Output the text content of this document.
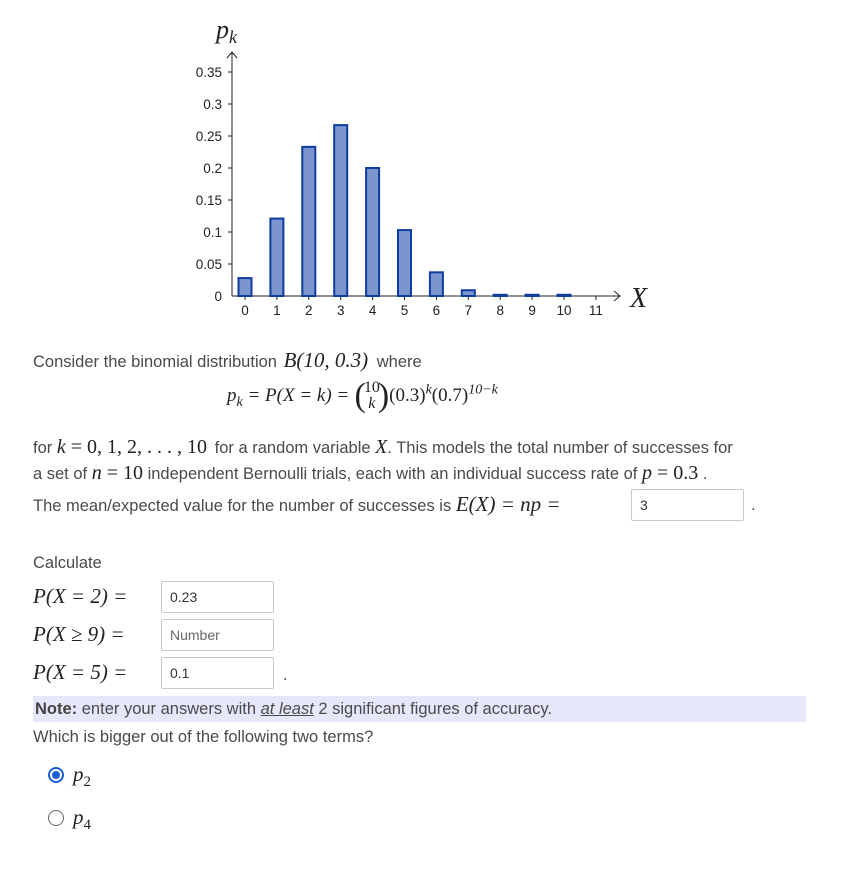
0
0.05
0.1
0.15
0.2
0.25
0.3
0.35
0 1 2 3 4 5 6 7 8 9 10 11
pk
X
Consider the binomial distribution B(10, 0.3) where
$p_k = P(X = k)$ = (
10
k )$(0.3)^k(0.7)^{10-k}$
for k = 0, 1, 2, . . . , 10 for a random variable X. This models the total number of successes for
a set of n = 10 independent Bernoulli trials, each with an individual success rate of p = 0.3 .
The mean/expected value for the number of successes is E(X) = np =	3	.
Calculate
P(X = 2) =	0.23
P(X ≥ 9) =	Number
P(X = 5) =	0.1	.
Note: enter your answers with at least 2 significant figures of accuracy.
Which is bigger out of the following two terms?
$p_2$
$p_4$
